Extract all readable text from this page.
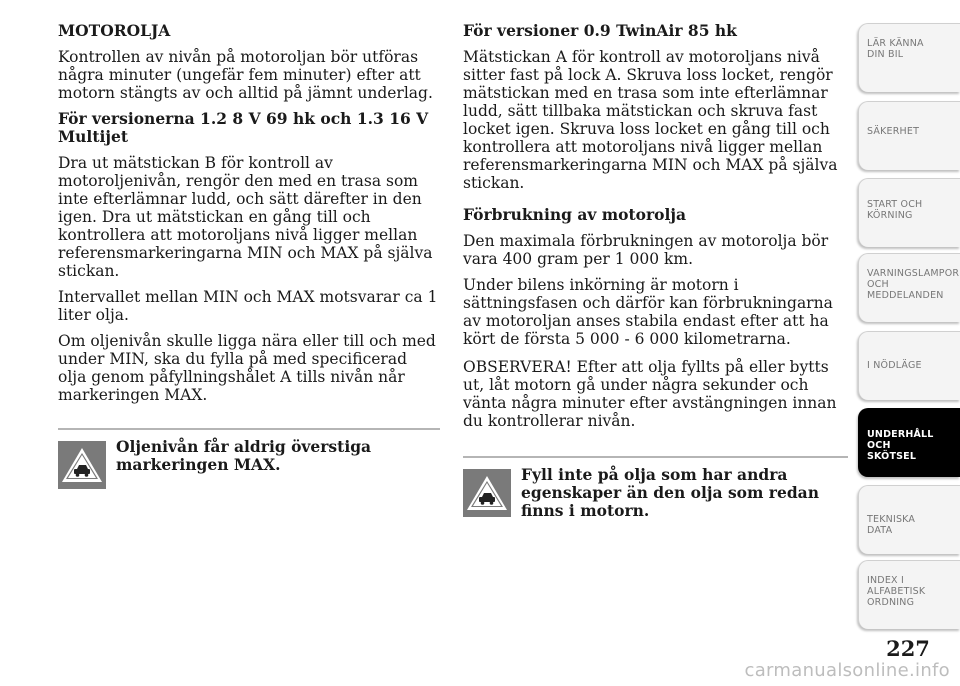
MOTOROLJA

Kontrollen av nivån på motoroljan bör utföras några minuter (ungefär fem minuter) efter att motorn stängts av och alltid på jämnt underlag.

För versionerna 1.2 8 V 69 hk och 1.3 16 V Multijet

Dra ut mätstickan B för kontroll av motoroljenivån, rengör den med en trasa som inte efterlämnar ludd, och sätt därefter in den igen. Dra ut mätstickan en gång till och kontrollera att motoroljans nivå ligger mellan referensmarkeringarna MIN och MAX på själva stickan.

Intervallet mellan MIN och MAX motsvarar ca 1 liter olja.

Om oljenivån skulle ligga nära eller till och med under MIN, ska du fylla på med specificerad olja genom påfyllningshålet A tills nivån når markeringen MAX.

Oljenivån får aldrig överstiga markeringen MAX.
För versioner 0.9 TwinAir 85 hk

Mätstickan A för kontroll av motoroljans nivå sitter fast på lock A. Skruva loss locket, rengör mätstickan med en trasa som inte efterlämnar ludd, sätt tillbaka mätstickan och skruva fast locket igen. Skruva loss locket en gång till och kontrollera att motoroljans nivå ligger mellan referensmarkeringarna MIN och MAX på själva stickan.

Förbrukning av motorolja

Den maximala förbrukningen av motorolja bör vara 400 gram per 1 000 km.

Under bilens inkörning är motorn i sättningsfasen och därför kan förbrukningarna av motoroljan anses stabila endast efter att ha kört de första 5 000 - 6 000 kilometrarna.

OBSERVERA! Efter att olja fyllts på eller bytts ut, låt motorn gå under några sekunder och vänta några minuter efter avstängningen innan du kontrollerar nivån.

Fyll inte på olja som har andra egenskaper än den olja som redan finns i motorn.
LÄR KÄNNA DIN BIL
SÄKERHET
START OCH KÖRNING
VARNINGSLAMPOR OCH MEDDELANDEN
I NÖDLÄGE
UNDERHÅLL OCH SKÖTSEL
TEKNISKA DATA
INDEX I ALFABETISK ORDNING
227
carmanualsonline.info
